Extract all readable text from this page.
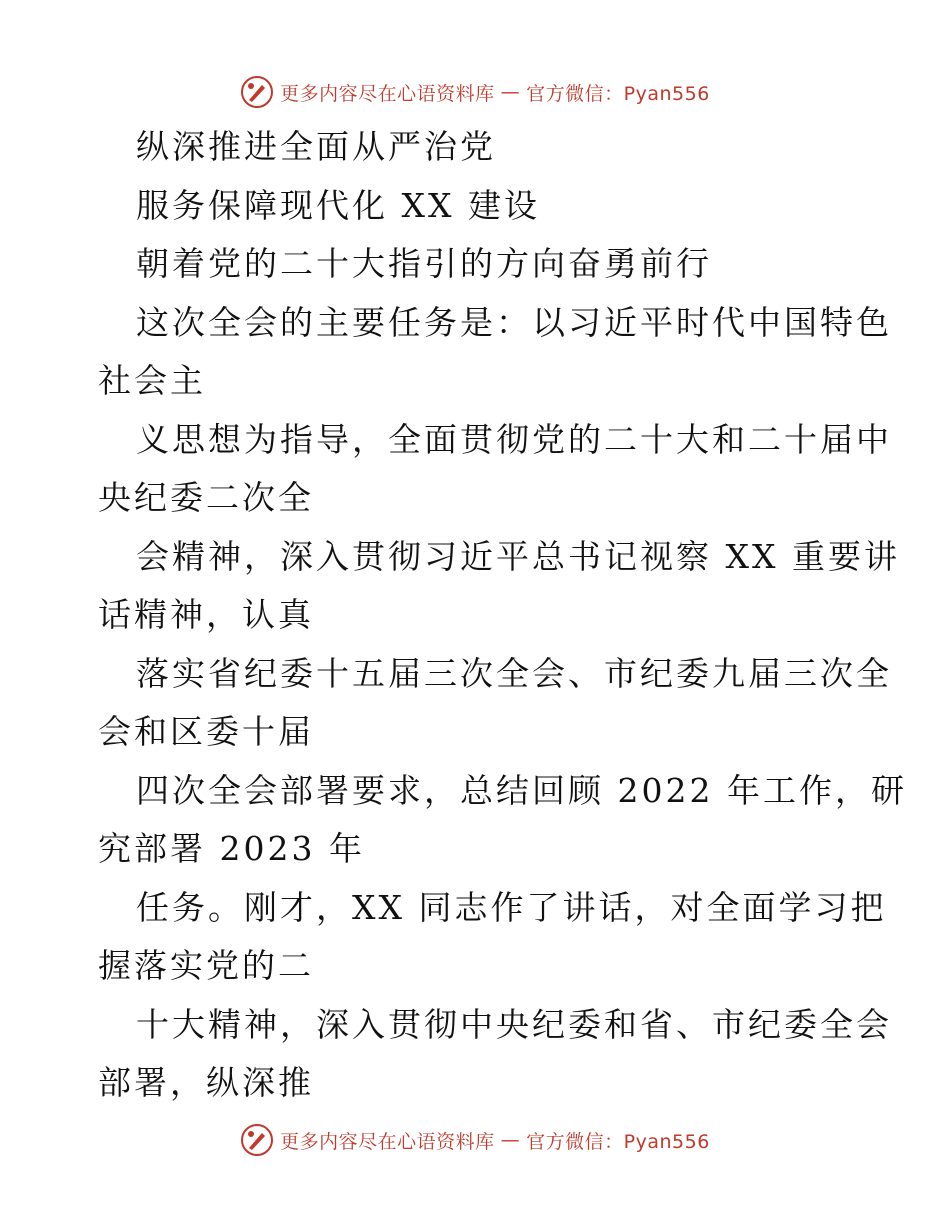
更多内容尽在心语资料库 — 官方微信：Pyan556
纵深推进全面从严治党
服务保障现代化 XX 建设
朝着党的二十大指引的方向奋勇前行
这次全会的主要任务是：以习近平时代中国特色
社会主
义思想为指导，全面贯彻党的二十大和二十届中
央纪委二次全
会精神，深入贯彻习近平总书记视察 XX 重要讲
话精神，认真
落实省纪委十五届三次全会、市纪委九届三次全
会和区委十届
四次全会部署要求，总结回顾 2022 年工作，研
究部署 2023 年
任务。刚才，XX 同志作了讲话，对全面学习把
握落实党的二
十大精神，深入贯彻中央纪委和省、市纪委全会
部署，纵深推
更多内容尽在心语资料库 — 官方微信：Pyan556
